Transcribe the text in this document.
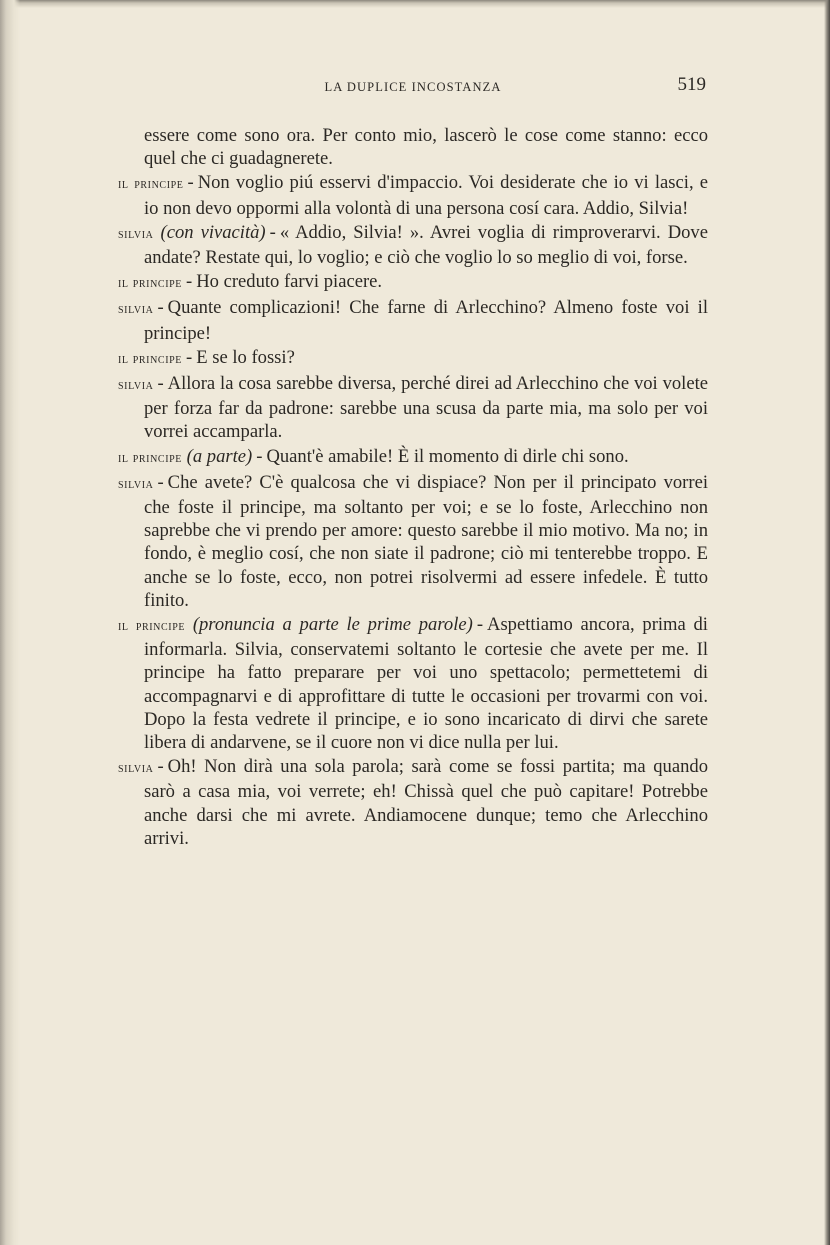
LA DUPLICE INCOSTANZA	519

essere come sono ora. Per conto mio, lascerò le cose come stanno: ecco quel che ci guadagnerete.

il principe - Non voglio piú esservi d'impaccio. Voi desiderate che io vi lasci, e io non devo oppormi alla volontà di una persona cosí cara. Addio, Silvia!

silvia (con vivacità) - « Addio, Silvia! ». Avrei voglia di rimproverarvi. Dove andate? Restate qui, lo voglio; e ciò che voglio lo so meglio di voi, forse.

il principe - Ho creduto farvi piacere.

silvia - Quante complicazioni! Che farne di Arlecchino? Almeno foste voi il principe!

il principe - E se lo fossi?

silvia - Allora la cosa sarebbe diversa, perché direi ad Arlecchino che voi volete per forza far da padrone: sarebbe una scusa da parte mia, ma solo per voi vorrei accamparla.

il principe (a parte) - Quant'è amabile! È il momento di dirle chi sono.

silvia - Che avete? C'è qualcosa che vi dispiace? Non per il principato vorrei che foste il principe, ma soltanto per voi; e se lo foste, Arlecchino non saprebbe che vi prendo per amore: questo sarebbe il mio motivo. Ma no; in fondo, è meglio cosí, che non siate il padrone; ciò mi tenterebbe troppo. E anche se lo foste, ecco, non potrei risolvermi ad essere infedele. È tutto finito.

il principe (pronuncia a parte le prime parole) - Aspettiamo ancora, prima di informarla. Silvia, conservatemi soltanto le cortesie che avete per me. Il principe ha fatto preparare per voi uno spettacolo; permettetemi di accompagnarvi e di approfittare di tutte le occasioni per trovarmi con voi. Dopo la festa vedrete il principe, e io sono incaricato di dirvi che sarete libera di andarvene, se il cuore non vi dice nulla per lui.

silvia - Oh! Non dirà una sola parola; sarà come se fossi partita; ma quando sarò a casa mia, voi verrete; eh! Chissà quel che può capitare! Potrebbe anche darsi che mi avrete. Andiamocene dunque; temo che Arlecchino arrivi.
